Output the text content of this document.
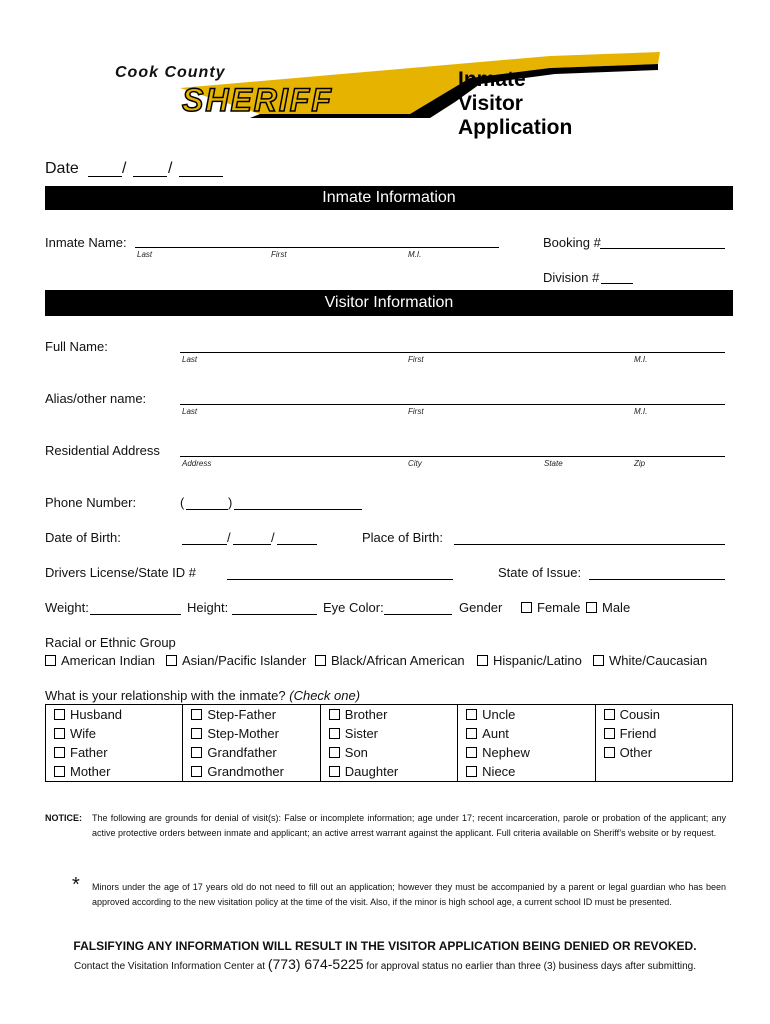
Cook County
SHERIFF
Inmate
Visitor
Application
Date	/	/
Inmate Information
Inmate Name:
Last	First	M.I.
Booking #
Division #
Visitor Information
Full Name:
Last	First	M.I.
Alias/other name:
Last	First	M.I.
Residential Address
Address	City	State	Zip
Phone Number:	(	)
Date of Birth:	/	/	Place of Birth:
Drivers License/State ID #	State of Issue:
Weight:	Height:	Eye Color:	Gender	Female	Male
Racial or Ethnic Group
American Indian	Asian/Pacific Islander	Black/African American	Hispanic/Latino	White/Caucasian
What is your relationship with the inmate? (Check one)
Husband	Step-Father	Brother	Uncle	Cousin
Wife	Step-Mother	Sister	Aunt	Friend
Father	Grandfather	Son	Nephew	Other
Mother	Grandmother	Daughter	Niece	
NOTICE: The following are grounds for denial of visit(s): False or incomplete information; age under 17; recent incarceration, parole or probation of the applicant; any active protective orders between inmate and applicant; an active arrest warrant against the applicant. Full criteria available on Sheriff’s website or by request.
* Minors under the age of 17 years old do not need to fill out an application; however they must be accompanied by a parent or legal guardian who has been approved according to the new visitation policy at the time of the visit. Also, if the minor is high school age, a current school ID must be presented.
FALSIFYING ANY INFORMATION WILL RESULT IN THE VISITOR APPLICATION BEING DENIED OR REVOKED.
Contact the Visitation Information Center at (773) 674-5225 for approval status no earlier than three (3) business days after submitting.
